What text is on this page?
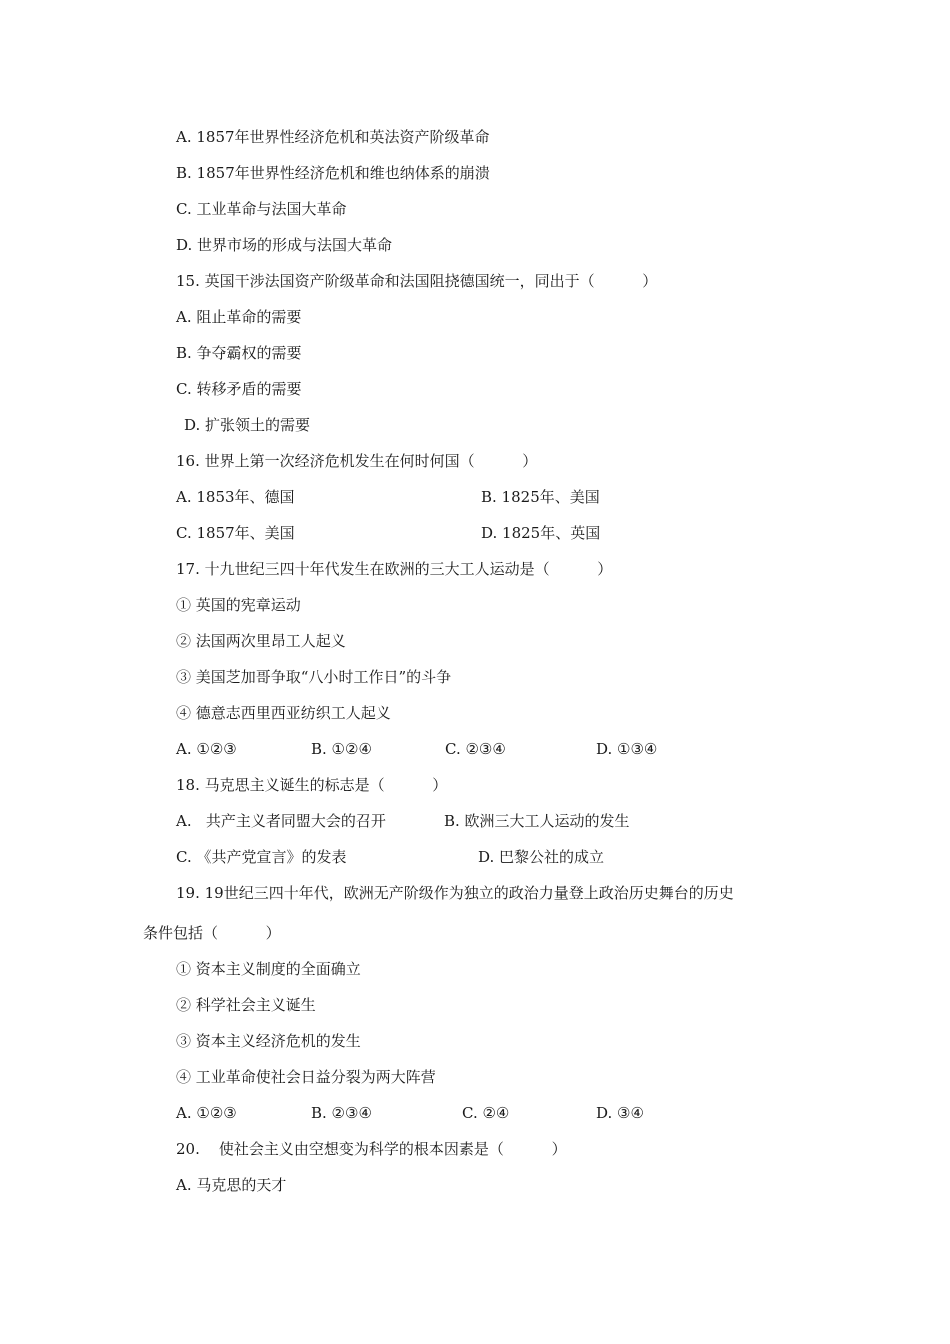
A. 1857年世界性经济危机和英法资产阶级革命
B. 1857年世界性经济危机和维也纳体系的崩溃
C. 工业革命与法国大革命
D. 世界市场的形成与法国大革命
15. 英国干涉法国资产阶级革命和法国阻挠德国统一，同出于（          ）
A. 阻止革命的需要
B. 争夺霸权的需要
C. 转移矛盾的需要
D. 扩张领土的需要
16. 世界上第一次经济危机发生在何时何国（          ）
A. 1853年、德国	B. 1825年、美国
C. 1857年、美国	D. 1825年、英国
17. 十九世纪三四十年代发生在欧洲的三大工人运动是（          ）
① 英国的宪章运动
② 法国两次里昂工人起义
③ 美国芝加哥争取“八小时工作日”的斗争
④ 德意志西里西亚纺织工人起义
A. ①②③	B. ①②④	C. ②③④	D. ①③④
18. 马克思主义诞生的标志是（          ）
A.   共产主义者同盟大会的召开	B. 欧洲三大工人运动的发生
C. 《共产党宣言》的发表	D. 巴黎公社的成立
19. 19世纪三四十年代，欧洲无产阶级作为独立的政治力量登上政治历史舞台的历史
条件包括（          ）
① 资本主义制度的全面确立
② 科学社会主义诞生
③ 资本主义经济危机的发生
④ 工业革命使社会日益分裂为两大阵营
A. ①②③	B. ②③④	C. ②④	D. ③④
20.    使社会主义由空想变为科学的根本因素是（          ）
A. 马克思的天才
